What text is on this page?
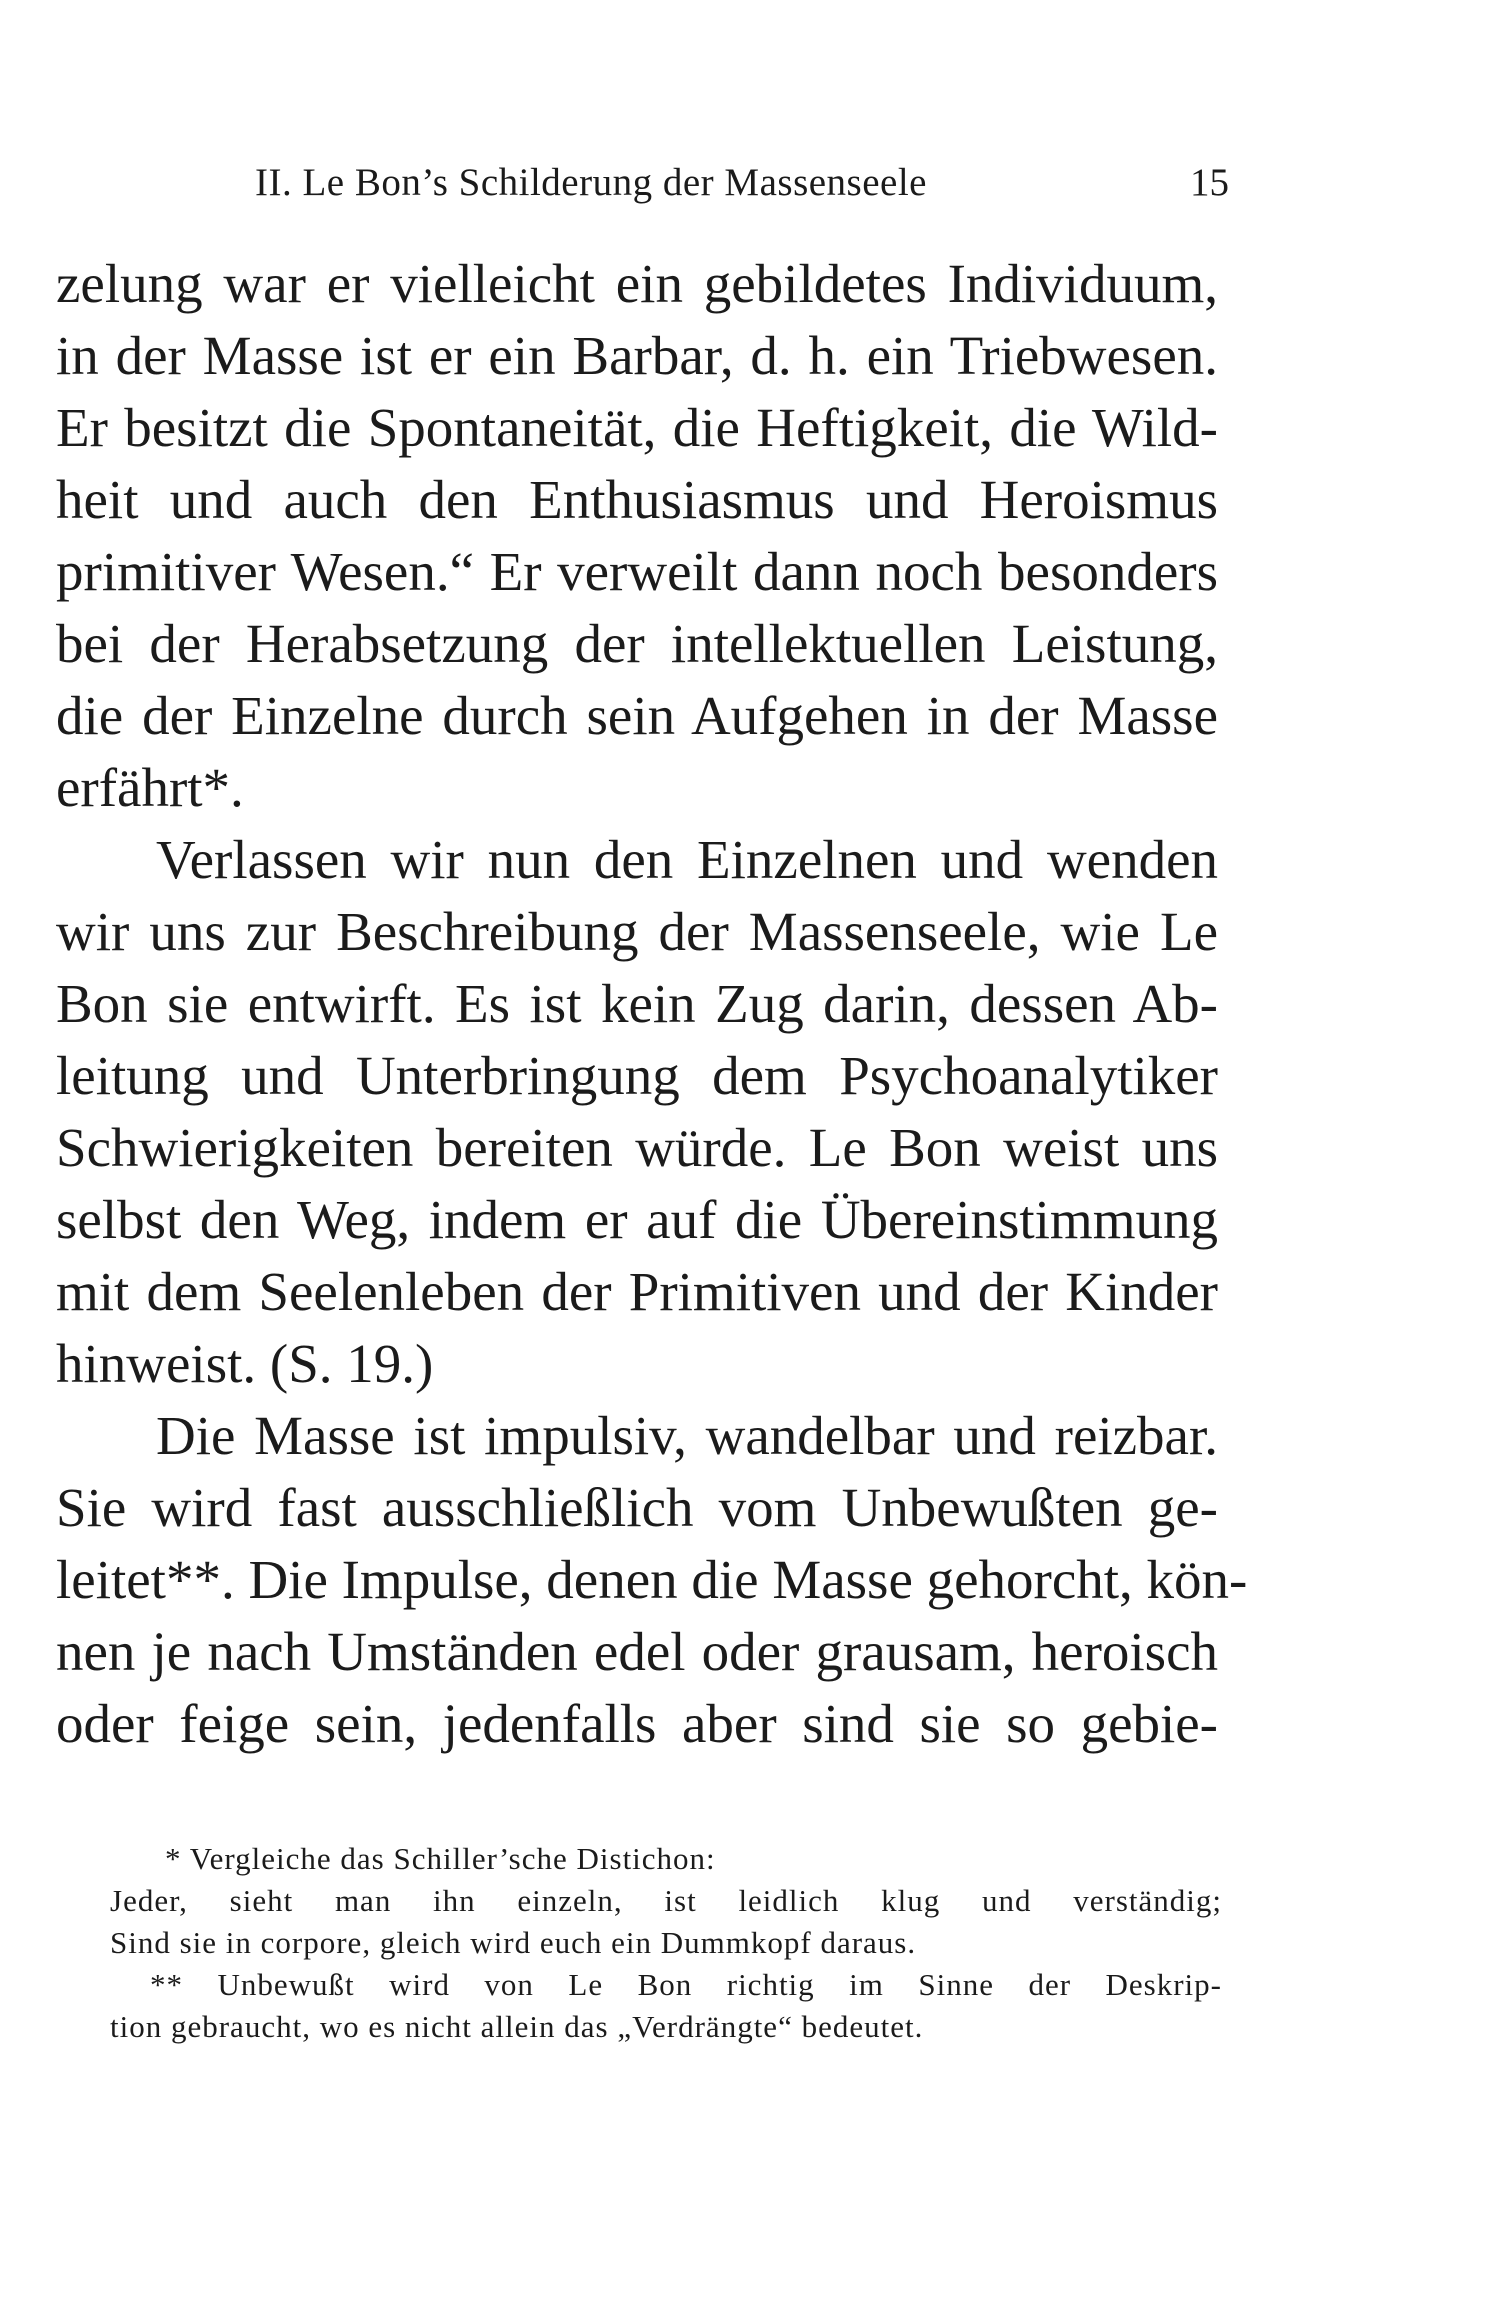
II. Le Bon’s Schilderung der Massenseele	15
zelung war er vielleicht ein gebildetes Individuum,
in der Masse ist er ein Barbar, d. h. ein Triebwesen.
Er besitzt die Spontaneität, die Heftigkeit, die Wild-
heit und auch den Enthusiasmus und Heroismus
primitiver Wesen.“ Er verweilt dann noch besonders
bei der Herabsetzung der intellektuellen Leistung,
die der Einzelne durch sein Aufgehen in der Masse
erfährt*.
Verlassen wir nun den Einzelnen und wenden
wir uns zur Beschreibung der Massenseele, wie Le
Bon sie entwirft. Es ist kein Zug darin, dessen Ab-
leitung und Unterbringung dem Psychoanalytiker
Schwierigkeiten bereiten würde. Le Bon weist uns
selbst den Weg, indem er auf die Übereinstimmung
mit dem Seelenleben der Primitiven und der Kinder
hinweist. (S. 19.)
Die Masse ist impulsiv, wandelbar und reizbar.
Sie wird fast ausschließlich vom Unbewußten ge-
leitet**. Die Impulse, denen die Masse gehorcht, kön-
nen je nach Umständen edel oder grausam, heroisch
oder feige sein, jedenfalls aber sind sie so gebie-
* Vergleiche das Schiller’sche Distichon:
Jeder, sieht man ihn einzeln, ist leidlich klug und verständig;
Sind sie in corpore, gleich wird euch ein Dummkopf daraus.
** Unbewußt wird von Le Bon richtig im Sinne der Deskrip-
tion gebraucht, wo es nicht allein das „Verdrängte“ bedeutet.
